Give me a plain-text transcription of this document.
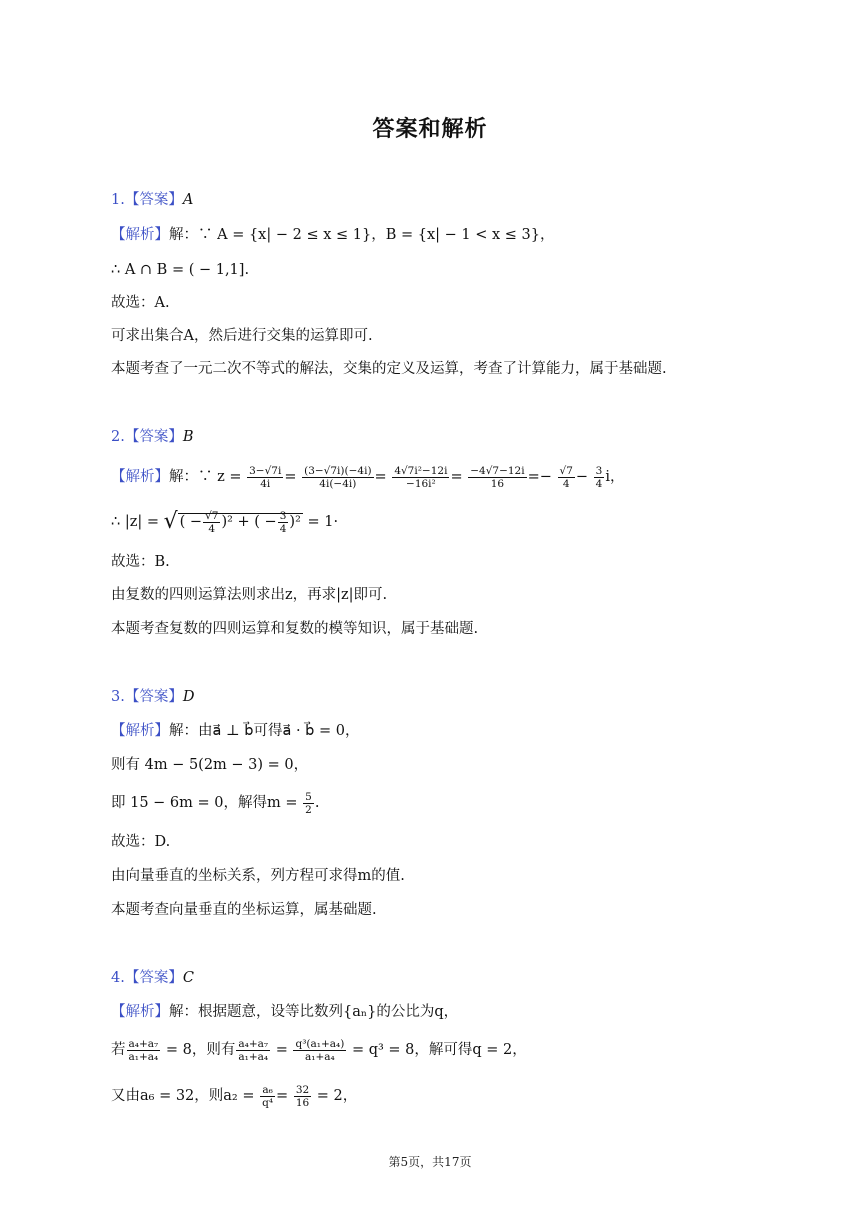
答案和解析
1.【答案】A
【解析】解：∵ A = {x| − 2 ≤ x ≤ 1}，B = {x| − 1 < x ≤ 3}，
∴ A ∩ B = ( − 1,1].
故选：A.
可求出集合A，然后进行交集的运算即可.
本题考查了一元二次不等式的解法，交集的定义及运算，考查了计算能力，属于基础题.
2.【答案】B
【解析】解：∵ $z = \frac{3-√7i}{4i} = \frac{(3-√7i)(-4i)}{4i(-4i)} = \frac{\text{4√7i²−12i}}{\text{−16i²}} = \frac{-4√7-12i}{16} =- \frac{√7}{4} - \frac{3}{4}$ i，
∴ |z| = √ ( − $\frac{√7}{4} )^2$ + ( − $\frac{3}{4} )^2 = 1\cdot$
故选：B.
由复数的四则运算法则求出z，再求|z|即可.
本题考查复数的四则运算和复数的模等知识，属于基础题.
3.【答案】D
【解析】解：由a⃗ ⊥ b⃗可得a⃗ · b⃗ = 0，
则有 4m − 5(2m − 3) = 0，
即 15 − 6m = 0，解得$m = \frac{5}{2}$ .
故选：D.
由向量垂直的坐标关系，列方程可求得m的值.
本题考查向量垂直的坐标运算，属基础题.
4.【答案】C
【解析】解：根据题意，设等比数列{aₙ}的公比为q，
若 $\frac{\text{a₄+a₇}}{\text{a₁+a₄}} = 8$，则有 $\frac{\text{a₄+a₇}}{\text{a₁+a₄}} = \frac{\text{q³(a₁+a₄)}}{\text{a₁+a₄}} = q^3 = 8$，解可得q = 2，
又由a₆ = 32，则$a_2 = \frac{\text{a₆}}{\text{q⁴}} = \frac{32}{16} = 2$，
第5页，共17页
